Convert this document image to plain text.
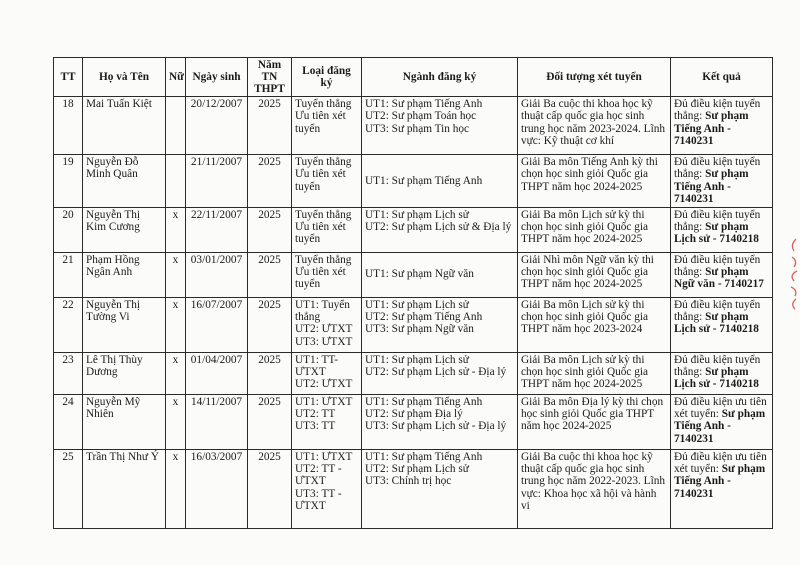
TT	Họ và Tên	Nữ	Ngày sinh	Năm TN THPT	Loại đăng ký	Ngành đăng ký	Đối tượng xét tuyển	Kết quả
18	Mai Tuấn Kiệt		20/12/2007	2025	Tuyển thẳng
Ưu tiên xét
tuyển	UT1: Sư phạm Tiếng Anh
UT2: Sư phạm Toán học
UT3: Sư phạm Tin học	Giải Ba cuộc thi khoa học kỹ thuật cấp quốc gia học sinh trung học năm 2023-2024. Lĩnh vực: Kỹ thuật cơ khí	Đủ điều kiện tuyển thẳng: Sư phạm Tiếng Anh - 7140231
19	Nguyễn Đỗ Minh Quân		21/11/2007	2025	Tuyển thẳng
Ưu tiên xét
tuyển	UT1: Sư phạm Tiếng Anh	Giải Ba môn Tiếng Anh kỳ thi chọn học sinh giỏi Quốc gia THPT năm học 2024-2025	Đủ điều kiện tuyển thẳng: Sư phạm Tiếng Anh - 7140231
20	Nguyễn Thị Kim Cương	x	22/11/2007	2025	Tuyển thẳng
Ưu tiên xét
tuyển	UT1: Sư phạm Lịch sử
UT2: Sư phạm Lịch sử & Địa lý	Giải Ba môn Lịch sử kỳ thi chọn học sinh giỏi Quốc gia THPT năm học 2024-2025	Đủ điều kiện tuyển thẳng: Sư phạm Lịch sử - 7140218
21	Phạm Hồng Ngân Anh	x	03/01/2007	2025	Tuyển thẳng
Ưu tiên xét
tuyển	UT1: Sư phạm Ngữ văn	Giải Nhì môn Ngữ văn kỳ thi chọn học sinh giỏi Quốc gia THPT năm học 2024-2025	Đủ điều kiện tuyển thẳng: Sư phạm Ngữ văn - 7140217
22	Nguyễn Thị Tường Vi	x	16/07/2007	2025	UT1: Tuyển
thẳng
UT2: ƯTXT
UT3: ƯTXT	UT1: Sư phạm Lịch sử
UT2: Sư phạm Tiếng Anh
UT3: Sư phạm Ngữ văn	Giải Ba môn Lịch sử kỳ thi chọn học sinh giỏi Quốc gia THPT năm học 2023-2024	Đủ điều kiện tuyển thẳng: Sư phạm Lịch sử - 7140218
23	Lê Thị Thùy Dương	x	01/04/2007	2025	UT1: TT-
ƯTXT
UT2: ƯTXT	UT1: Sư phạm Lịch sử
UT2: Sư phạm Lịch sử - Địa lý	Giải Ba môn Lịch sử kỳ thi chọn học sinh giỏi Quốc gia THPT năm học 2024-2025	Đủ điều kiện tuyển thẳng: Sư phạm Lịch sử - 7140218
24	Nguyễn Mỹ Nhiên	x	14/11/2007	2025	UT1: ƯTXT
UT2: TT
UT3: TT	UT1: Sư phạm Tiếng Anh
UT2: Sư phạm Địa lý
UT3: Sư phạm Lịch sử - Địa lý	Giải Ba môn Địa lý kỳ thi chọn học sinh giỏi Quốc gia THPT năm học 2024-2025	Đủ điều kiện ưu tiên xét tuyển: Sư phạm Tiếng Anh - 7140231
25	Trần Thị Như Ý	x	16/03/2007	2025	UT1: ƯTXT
UT2: TT -
ƯTXT
UT3: TT -
ƯTXT	UT1: Sư phạm Tiếng Anh
UT2: Sư phạm Lịch sử
UT3: Chính trị học	Giải Ba cuộc thi khoa học kỹ thuật cấp quốc gia học sinh trung học năm 2022-2023. Lĩnh vực: Khoa học xã hội và hành vi	Đủ điều kiện ưu tiên xét tuyển: Sư phạm Tiếng Anh - 7140231
